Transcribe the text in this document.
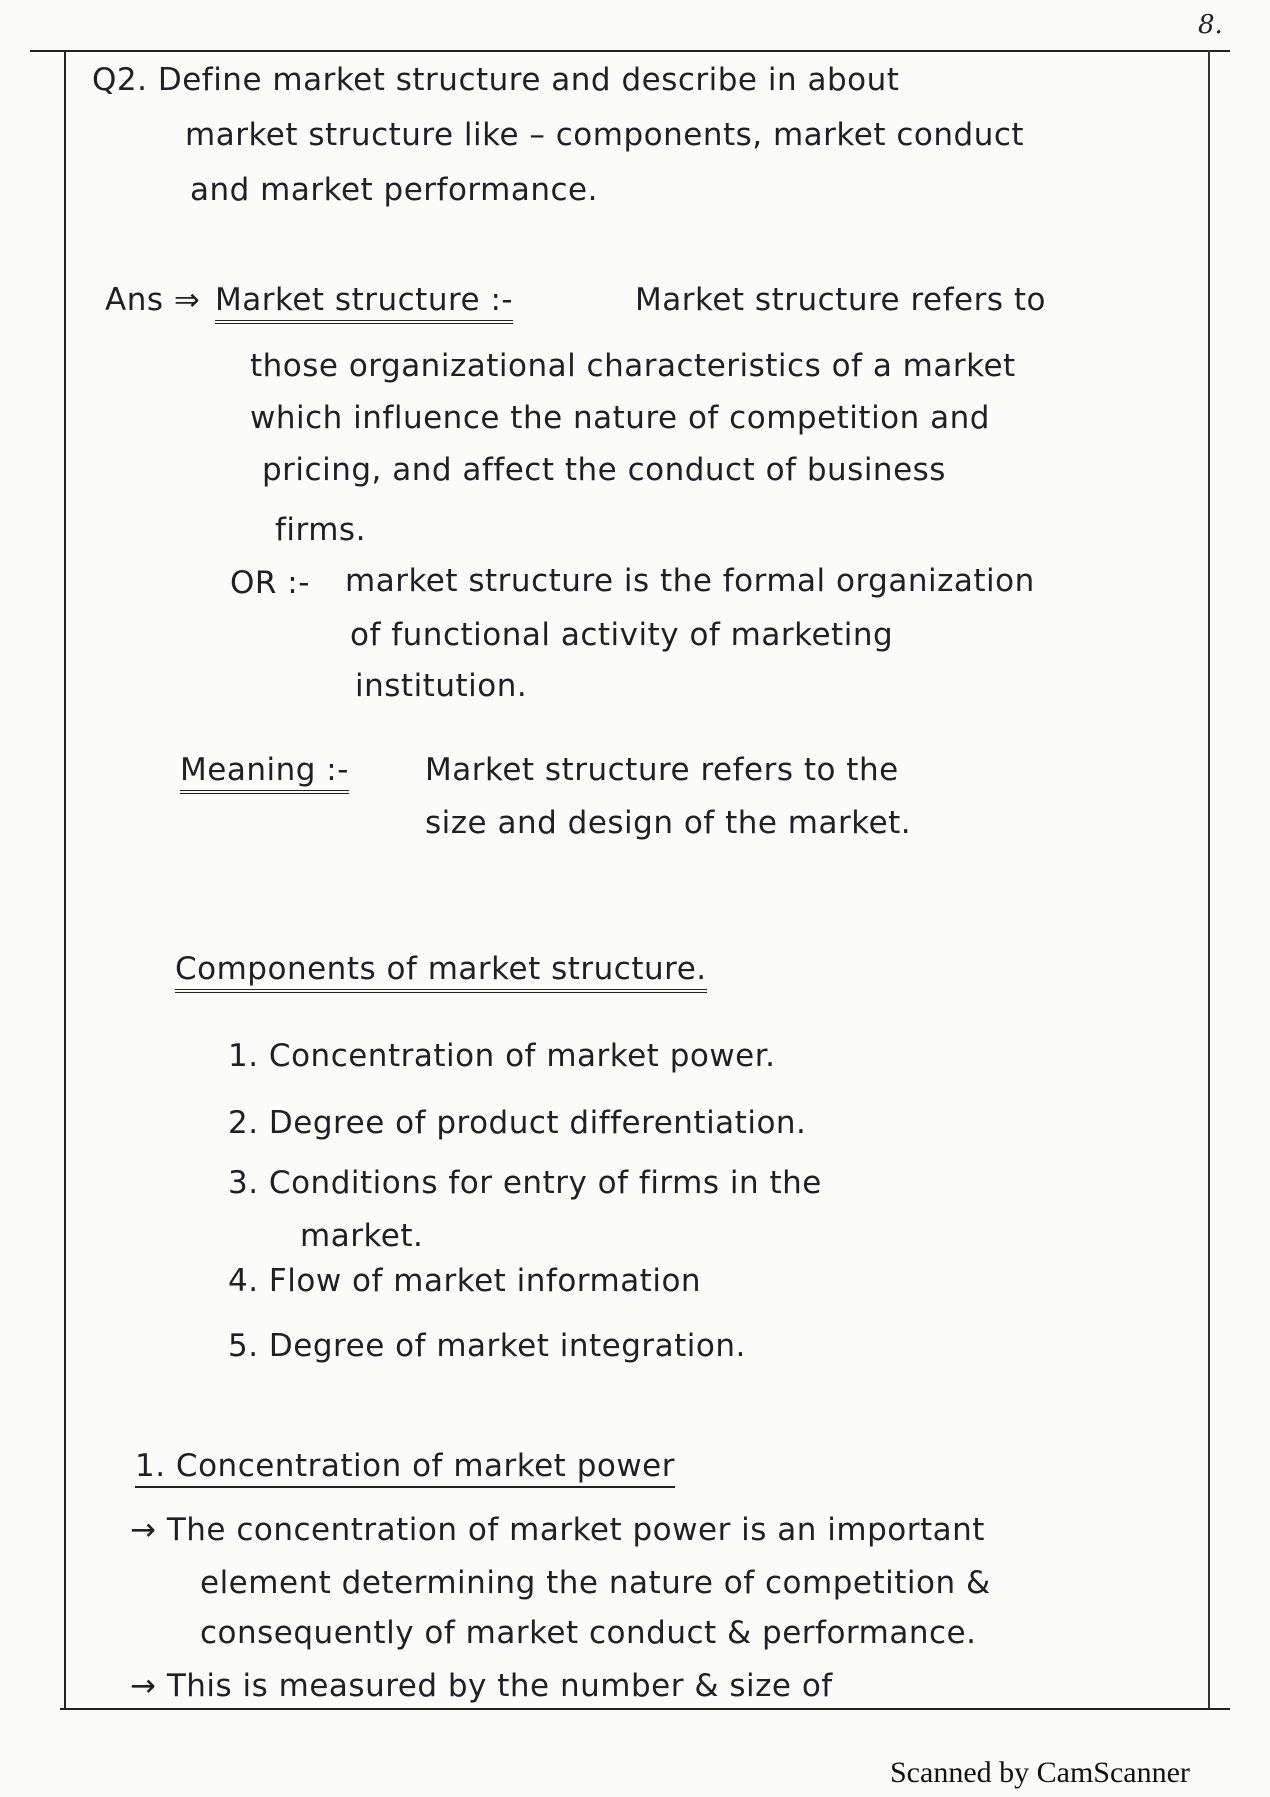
8.
Q2. Define market structure and describe in about
market structure like – components, market conduct
and market performance.
Ans ⇒ Market structure :-	Market structure refers to
those organizational characteristics of a market
which influence the nature of competition and
pricing, and affect the conduct of business
firms.
OR :- market structure is the formal organization
of functional activity of marketing
institution.
Meaning :- Market structure refers to the
size and design of the market.
Components of market structure.
1. Concentration of market power.
2. Degree of product differentiation.
3. Conditions for entry of firms in the
market.
4. Flow of market information
5. Degree of market integration.
1. Concentration of market power
→ The concentration of market power is an important
element determining the nature of competition &
consequently of market conduct & performance.
→ This is measured by the number & size of
Scanned by CamScanner
